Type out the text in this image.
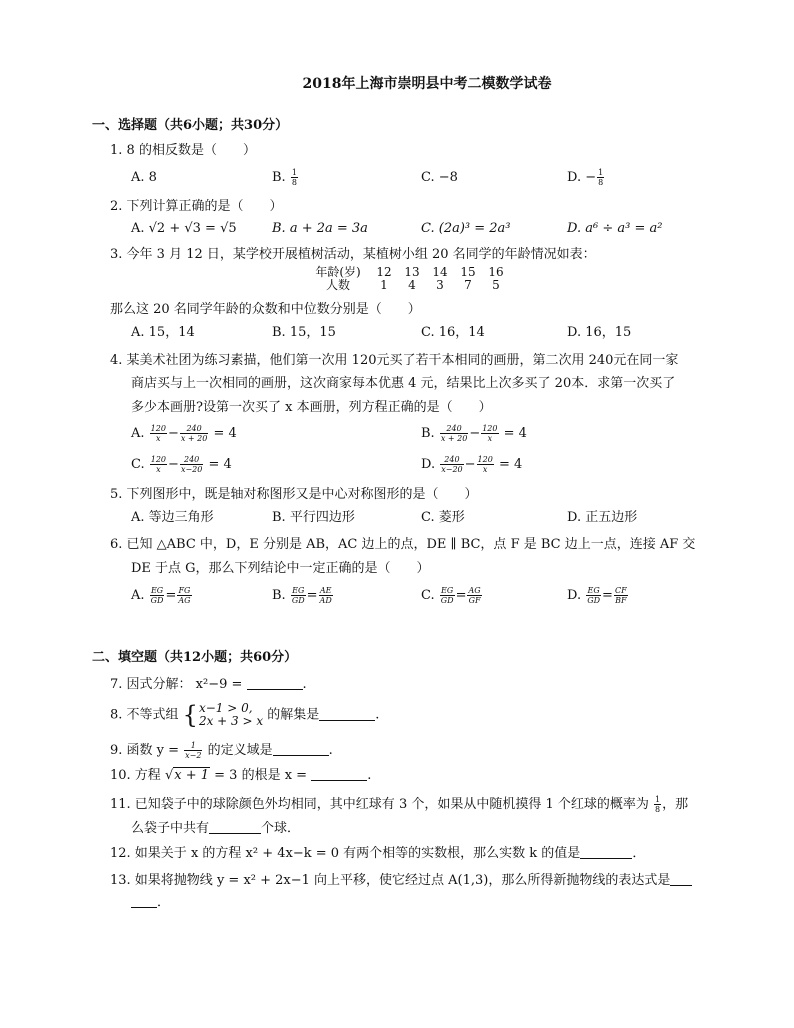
2018年上海市崇明县中考二模数学试卷
一、选择题（共6小题；共30分）
1. 8 的相反数是（　　）
A. 8	B. $\frac{1}{8}$	C. −8	D. − $\frac{1}{8}$
2. 下列计算正确的是（　　）
A. √2 + √3 = √5	B. a + 2a = 3a	C. (2a)³ = 2a³	D. a⁶ ÷ a³ = a²
3. 今年 3 月 12 日，某学校开展植树活动，某植树小组 20 名同学的年龄情况如表：
年龄(岁)	12	13	14	15	16
人数	1	4	3	7	5
那么这 20 名同学年龄的众数和中位数分别是（　　）
A. 15，14	B. 15，15	C. 16，14	D. 16，15
4. 某美术社团为练习素描，他们第一次用 120元买了若干本相同的画册，第二次用 240元在同一家
商店买与上一次相同的画册，这次商家每本优惠 4 元，结果比上次多买了 20本．求第一次买了
多少本画册?设第一次买了 x 本画册，列方程正确的是（　　）
A. $\frac{120}{x} - \frac{240}{x + 20} = 4$	B. $\frac{240}{x + 20} - \frac{120}{x} = 4$
C. $\frac{120}{x} - \frac{240}{x-20} = 4$	D. $\frac{240}{x-20} - \frac{120}{x} = 4$
5. 下列图形中，既是轴对称图形又是中心对称图形的是（　　）
A. 等边三角形	B. 平行四边形	C. 菱形	D. 正五边形
6. 已知 △ABC 中，D，E 分别是 AB，AC 边上的点，DE ∥ BC，点 F 是 BC 边上一点，连接 AF 交
DE 于点 G，那么下列结论中一定正确的是（　　）
A. $\frac{EG}{GD} = \frac{FG}{AG}$	B. $\frac{EG}{GD} = \frac{AE}{AD}$	C. $\frac{EG}{GD} = \frac{AG}{GF}$	D. $\frac{EG}{GD} = \frac{CF}{BF}$
二、填空题（共12小题；共60分）
7. 因式分解： x²−9 =	.
8. 不等式组 { x−1 > 0,
2x + 3 > x 的解集是	.
9. 函数 $y = \frac{1}{x-2}$ 的定义域是	.
10. 方程 √x + 1 = 3 的根是 x =	.
11. 已知袋子中的球除颜色外均相同，其中红球有 3 个，如果从中随机摸得 1 个红球的概率为 $\frac{1}{8}$ ，那
么袋子中共有	个球．
12. 如果关于 x 的方程 x² + 4x−k = 0 有两个相等的实数根，那么实数 k 的值是	．
13. 如果将抛物线 y = x² + 2x−1 向上平移，使它经过点 A(1,3)，那么所得新抛物线的表达式是
．
